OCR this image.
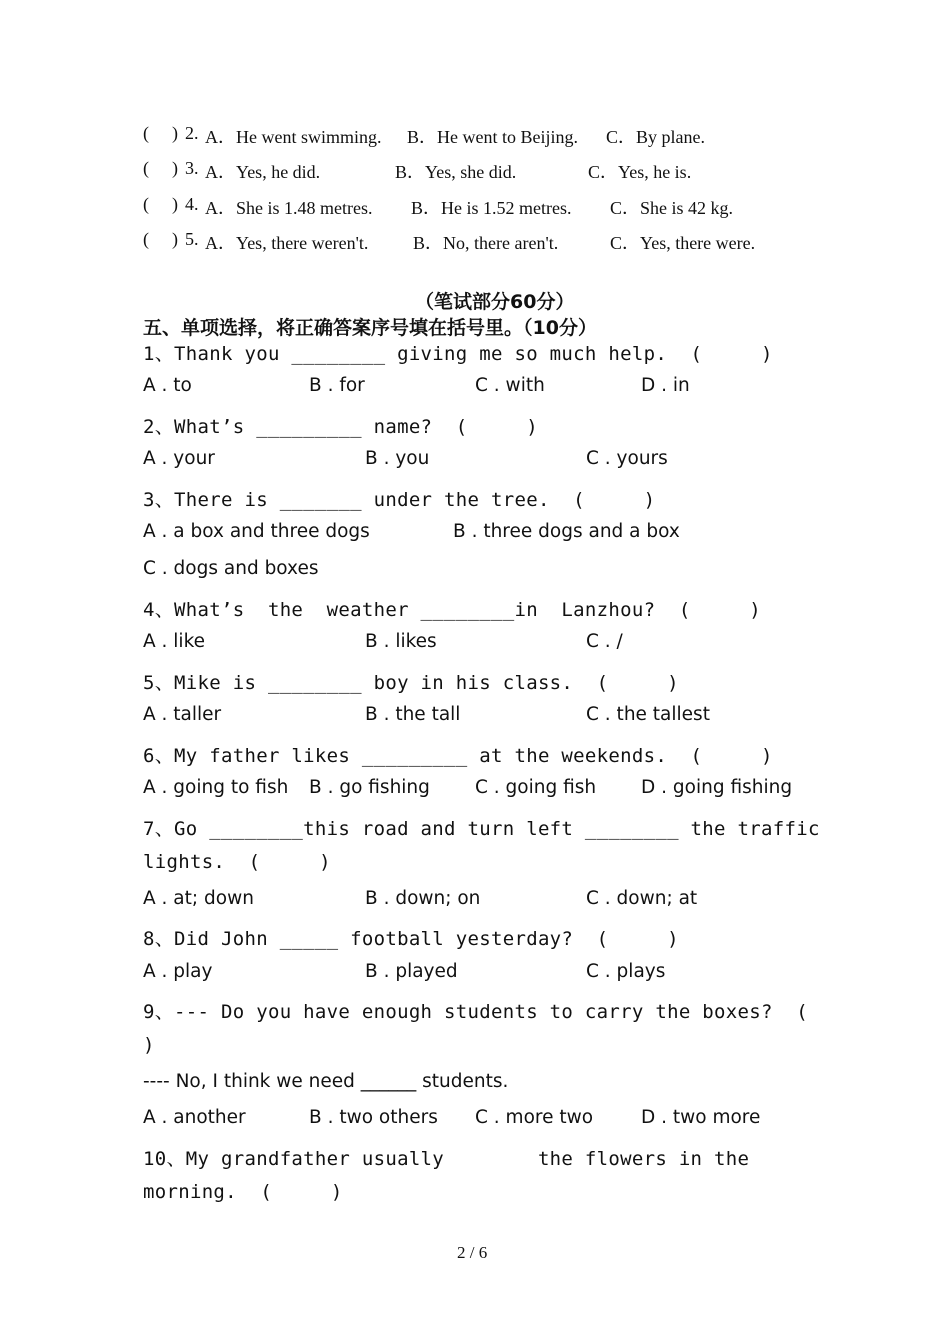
( ) 2. A．He went swimming. B．He went to Beijing. C．By plane.
( ) 3. A．Yes, he did.	B．Yes, she did.	C．Yes, he is.
( ) 4. A．She is 1.48 metres. B．He is 1.52 metres. C．She is 42 kg.
( ) 5. A．Yes, there weren't. B．No, there aren't.	C．Yes, there were.
（笔试部分60分）
五、单项选择，将正确答案序号填在括号里。（10分）
1、Thank you ________ giving me so much help.  (     )
A . to	B . for	C . with	D . in
2、What’s _________ name?  (     )
A . your	B . you	C . yours
3、There is _______ under the tree.  (     )
A . a box and three dogs	B . three dogs and a box
C . dogs and boxes
4、What’s  the  weather ________in  Lanzhou?  (     )
A . like	B . likes	C . /
5、Mike is ________ boy in his class.  (     )
A . taller	B . the tall	C . the tallest
6、My father likes _________ at the weekends.  (     )
A . going to fish B . go fishing C . going fish D . going fishing
7、Go ________this road and turn left ________ the traffic
lights.  (     )
A . at; down	B . down; on	C . down; at
8、Did John _____ football yesterday?  (     )
A . play	B . played	C . plays
9、--- Do you have enough students to carry the boxes?  (
)
---- No, I think we need ______ students.
A . another	B . two others C . more two	D . two more
10、My grandfather usually        the flowers in the
morning.  (     )
2 / 6
